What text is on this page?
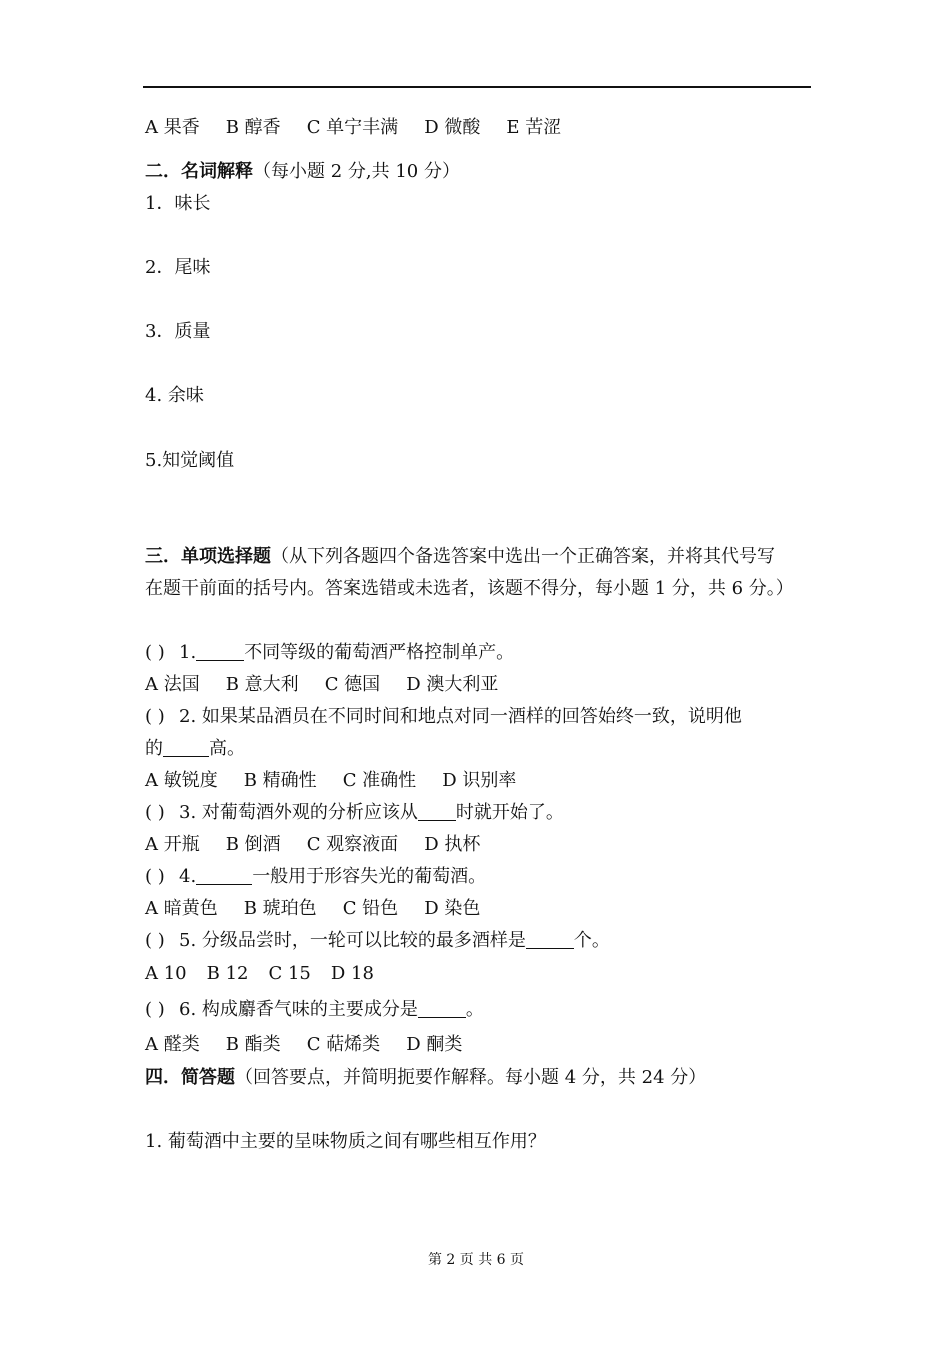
A 果香 B 醇香 C 单宁丰满 D 微酸 E 苦涩
二．名词解释（每小题 2 分,共 10 分）
1．味长
2．尾味
3．质量
4. 余味
5.知觉阈值
三．单项选择题（从下列各题四个备选答案中选出一个正确答案，并将其代号写
在题干前面的括号内。答案选错或未选者，该题不得分，每小题 1 分，共 6 分。）
( ) 1.	不同等级的葡萄酒严格控制单产。
A 法国 B 意大利 C 德国 D 澳大利亚
( ) 2. 如果某品酒员在不同时间和地点对同一酒样的回答始终一致，说明他
的	高。
A 敏锐度 B 精确性 C 准确性 D 识别率
( ) 3. 对葡萄酒外观的分析应该从 时就开始了。
A 开瓶 B 倒酒 C 观察液面 D 执杯
( ) 4.	一般用于形容失光的葡萄酒。
A 暗黄色 B 琥珀色 C 铅色 D 染色
( ) 5. 分级品尝时，一轮可以比较的最多酒样是	个。
A 10 B 12 C 15 D 18
( ) 6. 构成麝香气味的主要成分是	。
A 醛类 B 酯类 C 萜烯类 D 酮类
四．简答题（回答要点，并简明扼要作解释。每小题 4 分，共 24 分）
1. 葡萄酒中主要的呈味物质之间有哪些相互作用？
第 2 页 共 6 页
